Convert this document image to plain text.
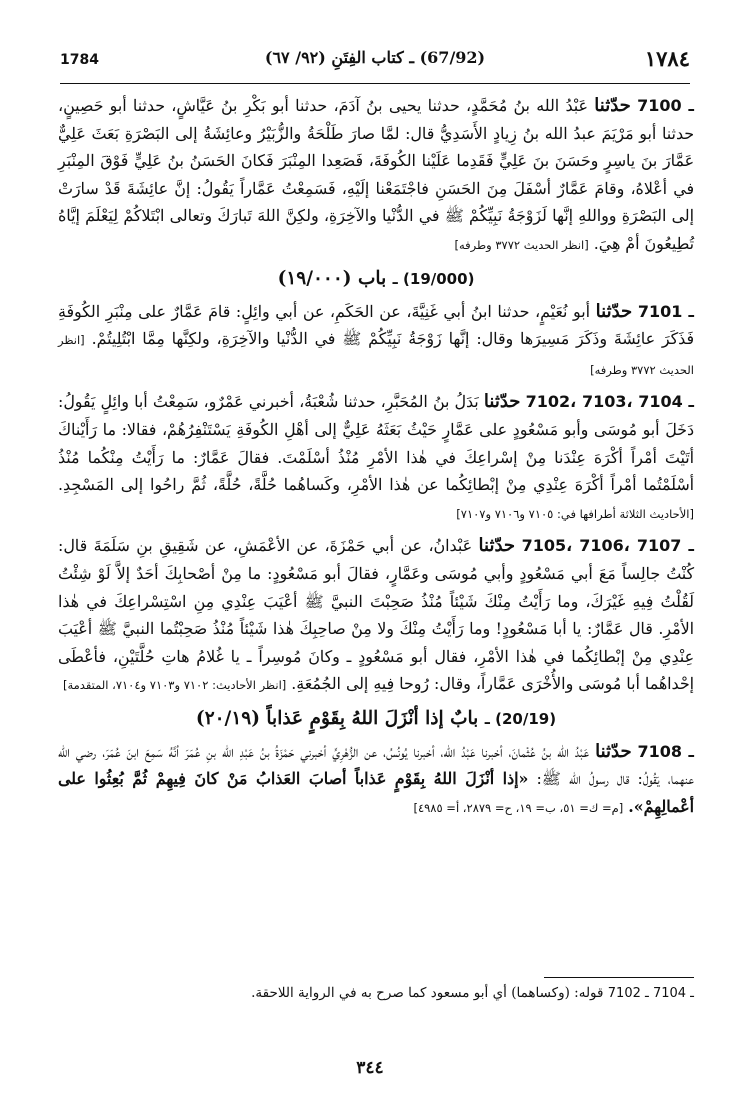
1784	(67/92) ـ كتاب الفِتَنِ (٩٢/ ٦٧)	١٧٨٤

7100 ـ حدّثنا عَبْدُ الله بنُ مُحَمَّدٍ، حدثنا يحيى بنُ آدَمَ، حدثنا أبو بَكْرِ بنُ عَيَّاشٍ، حدثنا أبو حَصِينٍ، حدثنا أبو مَرْيَمَ عبدُ الله بنُ زِيادٍ الأَسَدِيُّ قال: لمَّا صارَ طَلْحَةُ والزُّبَيْرُ وعائِشَةُ إلى البَصْرَةِ بَعَثَ عَلِيٌّ عَمَّارَ بنَ ياسِرٍ وحَسَنَ بنَ عَلِيٍّ فَقَدِما عَلَيْنا الكُوفَةَ، فَصَعِدا المِنْبَرَ فَكانَ الحَسَنُ بنُ عَلِيٍّ فَوْقَ المِنْبَرِ في أعْلاهُ، وقامَ عَمَّارٌ أسْفَلَ مِنَ الحَسَنِ فاجْتَمَعْنا إلَيْهِ، فَسَمِعْتُ عَمَّاراً يَقُولُ: إنَّ عائِشَةَ قَدْ سارَتْ إلى البَصْرَةِ وواللهِ إنَّها لَزَوْجَةُ نَبِيِّكُمْ ﷺ في الدُّنْيا والآخِرَةِ، ولكِنَّ اللهَ تَبارَكَ وتعالى ابْتَلاكُمْ لِيَعْلَمَ إيَّاهُ تُطِيعُونَ أمْ هِيَ. [انظر الحديث ٣٧٧٢ وطرفه]

(19/000) ـ باب (١٩/٠٠٠)

7101 ـ حدّثنا أبو نُعَيْمٍ، حدثنا ابنُ أبي غَنِيَّةَ، عن الحَكَمِ، عن أبي وائِلٍ: قامَ عَمَّارٌ على مِنْبَرِ الكُوفَةِ فَذَكَرَ عائِشَةَ وذَكَرَ مَسِيرَها وقال: إنَّها زَوْجَةُ نَبِيِّكُمْ ﷺ في الدُّنْيا والآخِرَةِ، ولكِنَّها مِمَّا ابْتُلِيتُمْ. [انظر الحديث ٣٧٧٢ وطرفه]

7102، 7103، 7104 ـ حدّثنا بَدَلُ بنُ المُحَبَّرِ، حدثنا شُعْبَةُ، أخبرني عَمْرٌو، سَمِعْتُ أبا وائِلٍ يَقُولُ: دَخَلَ أبو مُوسَى وأبو مَسْعُودٍ على عَمَّارٍ حَيْثُ بَعَثَهُ عَلِيٌّ إلى أهْلِ الكُوفَةِ يَسْتَنْفِرُهُمْ، فقالا: ما رَأَيْناكَ أتَيْتَ أمْراً أكْرَهَ عِنْدَنا مِنْ إسْراعِكَ في هٰذا الأمْرِ مُنْذُ أسْلَمْتَ. فقالَ عَمَّارٌ: ما رَأَيْتُ مِنْكُما مُنْذُ أسْلَمْتُما أمْراً أكْرَهَ عِنْدِي مِنْ إبْطائِكُما عن هٰذا الأمْرِ، وكَساهُما حُلَّةً، حُلَّةً، ثُمَّ راحُوا إلى المَسْجِدِ. [الأحاديث الثلاثة أطرافها في: ٧١٠٥ و٧١٠٦ و٧١٠٧]

7105، 7106، 7107 ـ حدّثنا عَبْدانُ، عن أبي حَمْزَةَ، عن الأعْمَشِ، عن شَقِيقِ بنِ سَلَمَةَ قال: كُنْتُ جالِساً مَعَ أبي مَسْعُودٍ وأبي مُوسَى وعَمَّارٍ، فقالَ أبو مَسْعُودٍ: ما مِنْ أصْحابِكَ أحَدٌ إلاَّ لَوْ شِئْتُ لَقُلْتُ فِيهِ غَيْرَكَ، وما رَأَيْتُ مِنْكَ شَيْئاً مُنْذُ صَحِبْتَ النبيَّ ﷺ أعْيَبَ عِنْدِي مِنِ اسْتِسْراعِكَ في هٰذا الأمْرِ. قال عَمَّارٌ: يا أبا مَسْعُودٍ! وما رَأَيْتُ مِنْكَ ولا مِنْ صاحِبِكَ هٰذا شَيْئاً مُنْذُ صَحِبْتُما النبيَّ ﷺ أعْيَبَ عِنْدِي مِنْ إبْطائِكُما في هٰذا الأمْرِ، فقال أبو مَسْعُودٍ ـ وكانَ مُوسِراً ـ يا غُلامُ هاتِ حُلَّتَيْنِ، فأعْطَى إحْداهُما أبا مُوسَى والأُخْرَى عَمَّاراً، وقال: رُوحا فِيهِ إلى الجُمُعَةِ. [انظر الأحاديث: ٧١٠٢ و٧١٠٣ و٧١٠٤، المتقدمة]

(20/19) ـ بابٌ إذا أنْزَلَ اللهُ بِقَوْمٍ عَذاباً (٢٠/١٩)

7108 ـ حدّثنا عَبْدُ الله بنُ عُثْمانَ، أخبرنا عَبْدُ الله، أخبرنا يُونُسُ، عن الزُّهْرِيِّ أخبرني حَمْزَةُ بنُ عَبْدِ الله بنِ عُمَرَ أنَّهُ سَمِعَ ابنَ عُمَرَ، رضي الله عنهما، يَقُولُ: قال رسولُ الله ﷺ: «إذا أنْزَلَ اللهُ بِقَوْمٍ عَذاباً أصابَ العَذابُ مَنْ كانَ فِيهِمْ ثُمَّ بُعِثُوا على أعْمالِهِمْ». [م= ك= ٥١، ب= ١٩، ح= ٢٨٧٩، أ= ٤٩٨٥]

7102 ـ 7104 ـ قوله: (وكساهما) أي أبو مسعود كما صرح به في الرواية اللاحقة.
٣٤٤
